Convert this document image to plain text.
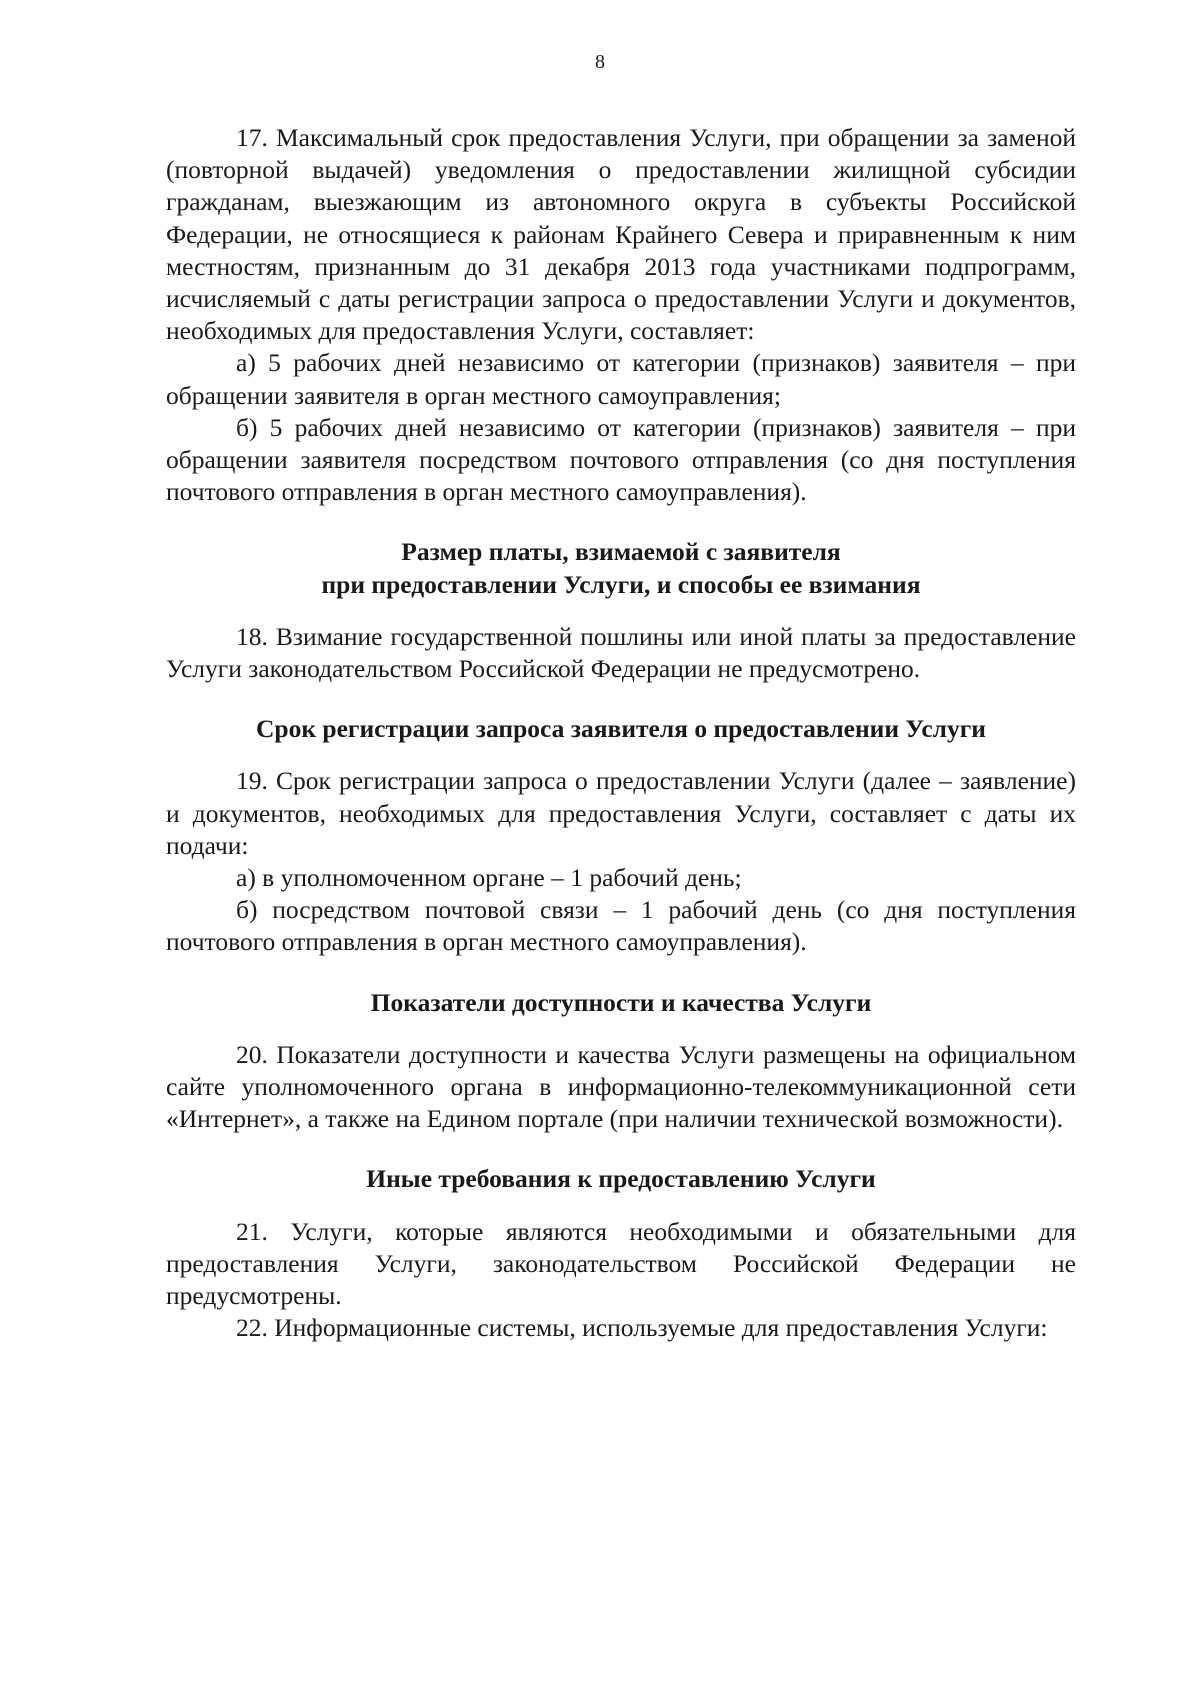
8

17. Максимальный срок предоставления Услуги, при обращении за заменой (повторной выдачей) уведомления о предоставлении жилищной субсидии гражданам, выезжающим из автономного округа в субъекты Российской Федерации, не относящиеся к районам Крайнего Севера и приравненным к ним местностям, признанным до 31 декабря 2013 года участниками подпрограмм, исчисляемый с даты регистрации запроса о предоставлении Услуги и документов, необходимых для предоставления Услуги, составляет:

а) 5 рабочих дней независимо от категории (признаков) заявителя – при обращении заявителя в орган местного самоуправления;

б) 5 рабочих дней независимо от категории (признаков) заявителя – при обращении заявителя посредством почтового отправления (со дня поступления почтового отправления в орган местного самоуправления).

Размер платы, взимаемой с заявителя
при предоставлении Услуги, и способы ее взимания

18. Взимание государственной пошлины или иной платы за предоставление Услуги законодательством Российской Федерации не предусмотрено.

Срок регистрации запроса заявителя о предоставлении Услуги

19. Срок регистрации запроса о предоставлении Услуги (далее – заявление) и документов, необходимых для предоставления Услуги, составляет с даты их подачи:

а) в уполномоченном органе – 1 рабочий день;

б) посредством почтовой связи – 1 рабочий день (со дня поступления почтового отправления в орган местного самоуправления).

Показатели доступности и качества Услуги

20. Показатели доступности и качества Услуги размещены на официальном сайте уполномоченного органа в информационно-телекоммуникационной сети «Интернет», а также на Едином портале (при наличии технической возможности).

Иные требования к предоставлению Услуги

21. Услуги, которые являются необходимыми и обязательными для предоставления Услуги, законодательством Российской Федерации не предусмотрены.

22. Информационные системы, используемые для предоставления Услуги:
